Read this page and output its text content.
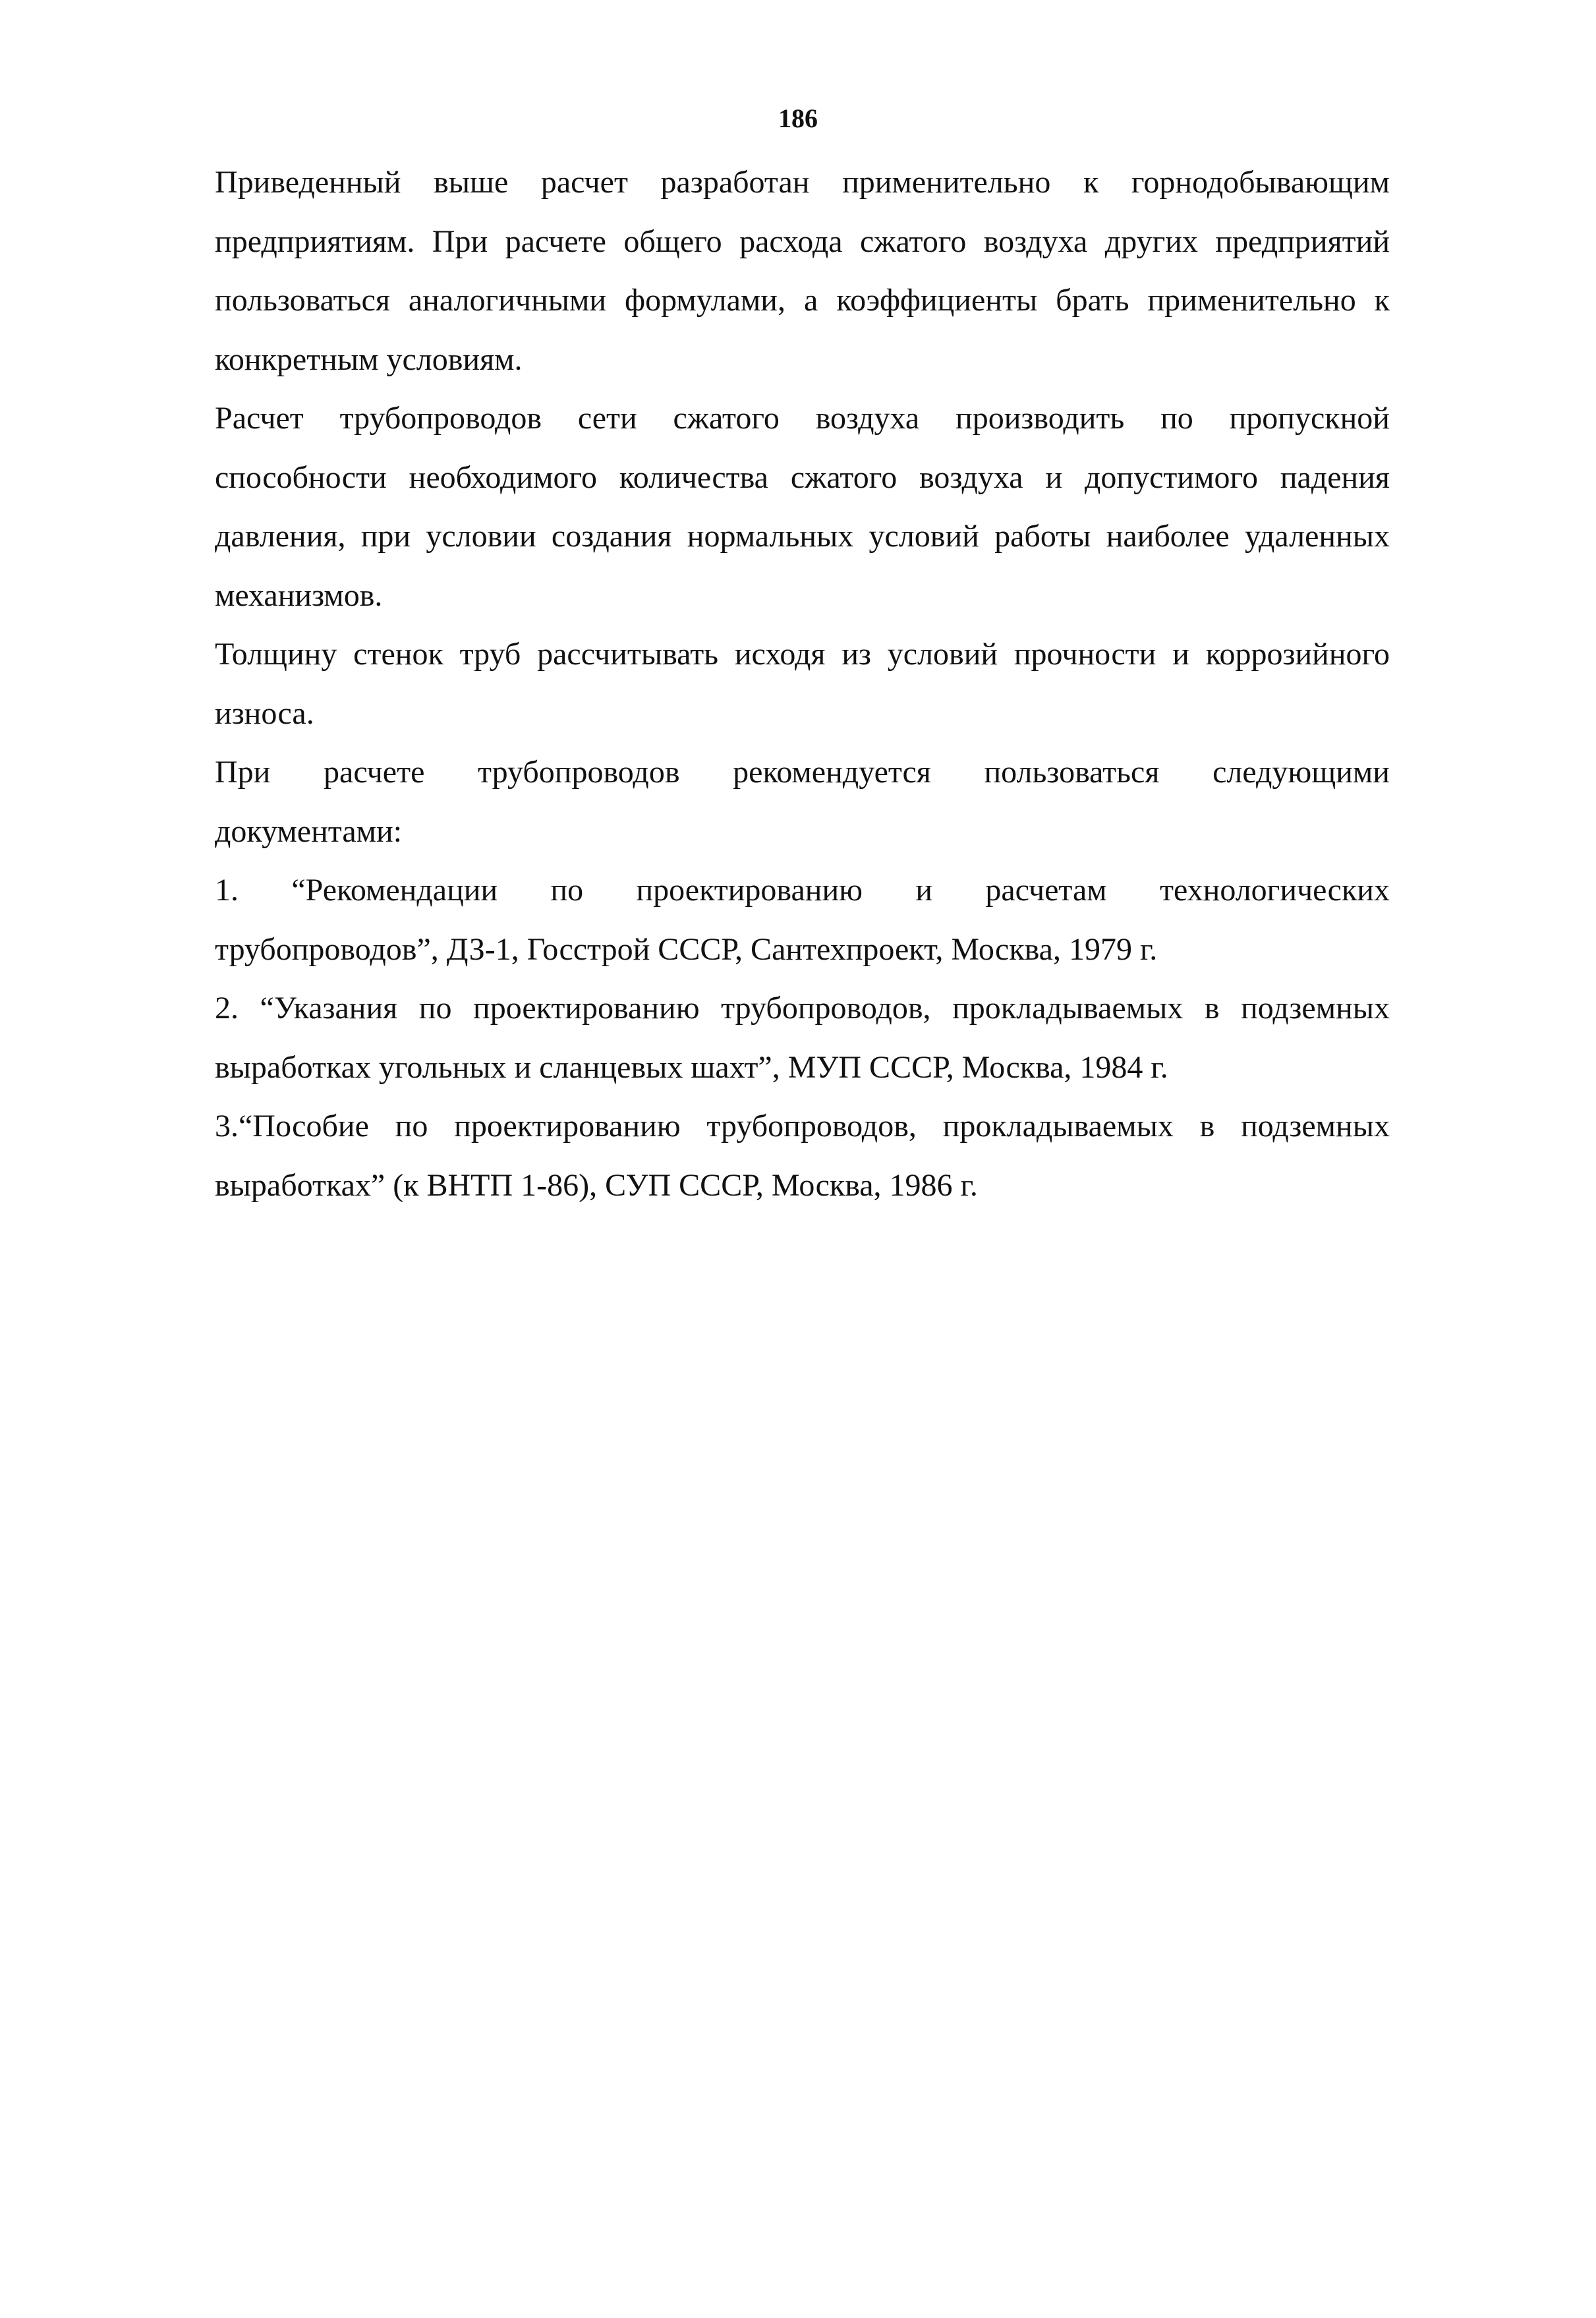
186

Приведенный выше расчет разработан применительно к горнодобывающим
предприятиям. При расчете общего расхода сжатого воздуха других предприятий
пользоваться аналогичными формулами, а коэффициенты брать применительно к
конкретным условиям.

Расчет трубопроводов сети сжатого воздуха производить по пропускной
способности необходимого количества сжатого воздуха и допустимого падения
давления, при условии создания нормальных условий работы наиболее удаленных
механизмов.

Толщину стенок труб рассчитывать исходя из условий прочности и коррозийного
износа.

При расчете трубопроводов рекомендуется пользоваться следующими
документами:

1. “Рекомендации по проектированию и расчетам технологических
трубопроводов”, ДЗ-1, Госстрой СССР, Сантехпроект, Москва, 1979 г.

2. “Указания по проектированию трубопроводов, прокладываемых в подземных
выработках угольных и сланцевых шахт”, МУП СССР, Москва, 1984 г.

3.“Пособие по проектированию трубопроводов, прокладываемых в подземных
выработках” (к ВНТП 1-86), СУП СССР, Москва, 1986 г.
